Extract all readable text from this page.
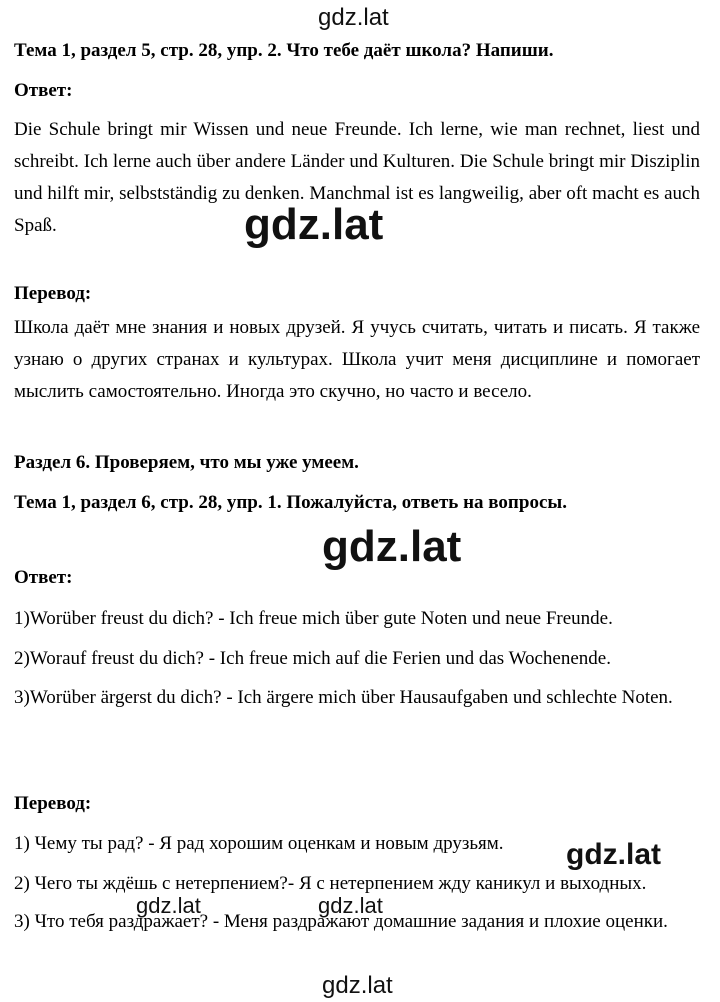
gdz.lat
Тема 1, раздел 5, стр. 28, упр. 2. Что тебе даёт школа? Напиши.
Ответ:
Die Schule bringt mir Wissen und neue Freunde. Ich lerne, wie man rechnet, liest und schreibt. Ich lerne auch über andere Länder und Kulturen. Die Schule bringt mir Disziplin und hilft mir, selbstständig zu denken. Manchmal ist es langweilig, aber oft macht es auch Spaß.	gdz.lat
Перевод:
Школа даёт мне знания и новых друзей. Я учусь считать, читать и писать. Я также узнаю о других странах и культурах. Школа учит меня дисциплине и помогает мыслить самостоятельно. Иногда это скучно, но часто и весело.
Раздел 6. Проверяем, что мы уже умеем.
Тема 1, раздел 6, стр. 28, упр. 1. Пожалуйста, ответь на вопросы.
gdz.lat
Ответ:
1)Worüber freust du dich? - Ich freue mich über gute Noten und neue Freunde.
2)Worauf freust du dich? - Ich freue mich auf die Ferien und das Wochenende.
3)Worüber ärgerst du dich? - Ich ärgere mich über Hausaufgaben und schlechte Noten.
Перевод:
1) Чему ты рад? - Я рад хорошим оценкам и новым друзьям.	gdz.lat
2) Чего ты ждёшь с нетерпением?- Я с нетерпением жду каникул и выходных.
gdz.lat	gdz.lat
3) Что тебя раздражает? - Меня раздражают домашние задания и плохие оценки.
gdz.lat
